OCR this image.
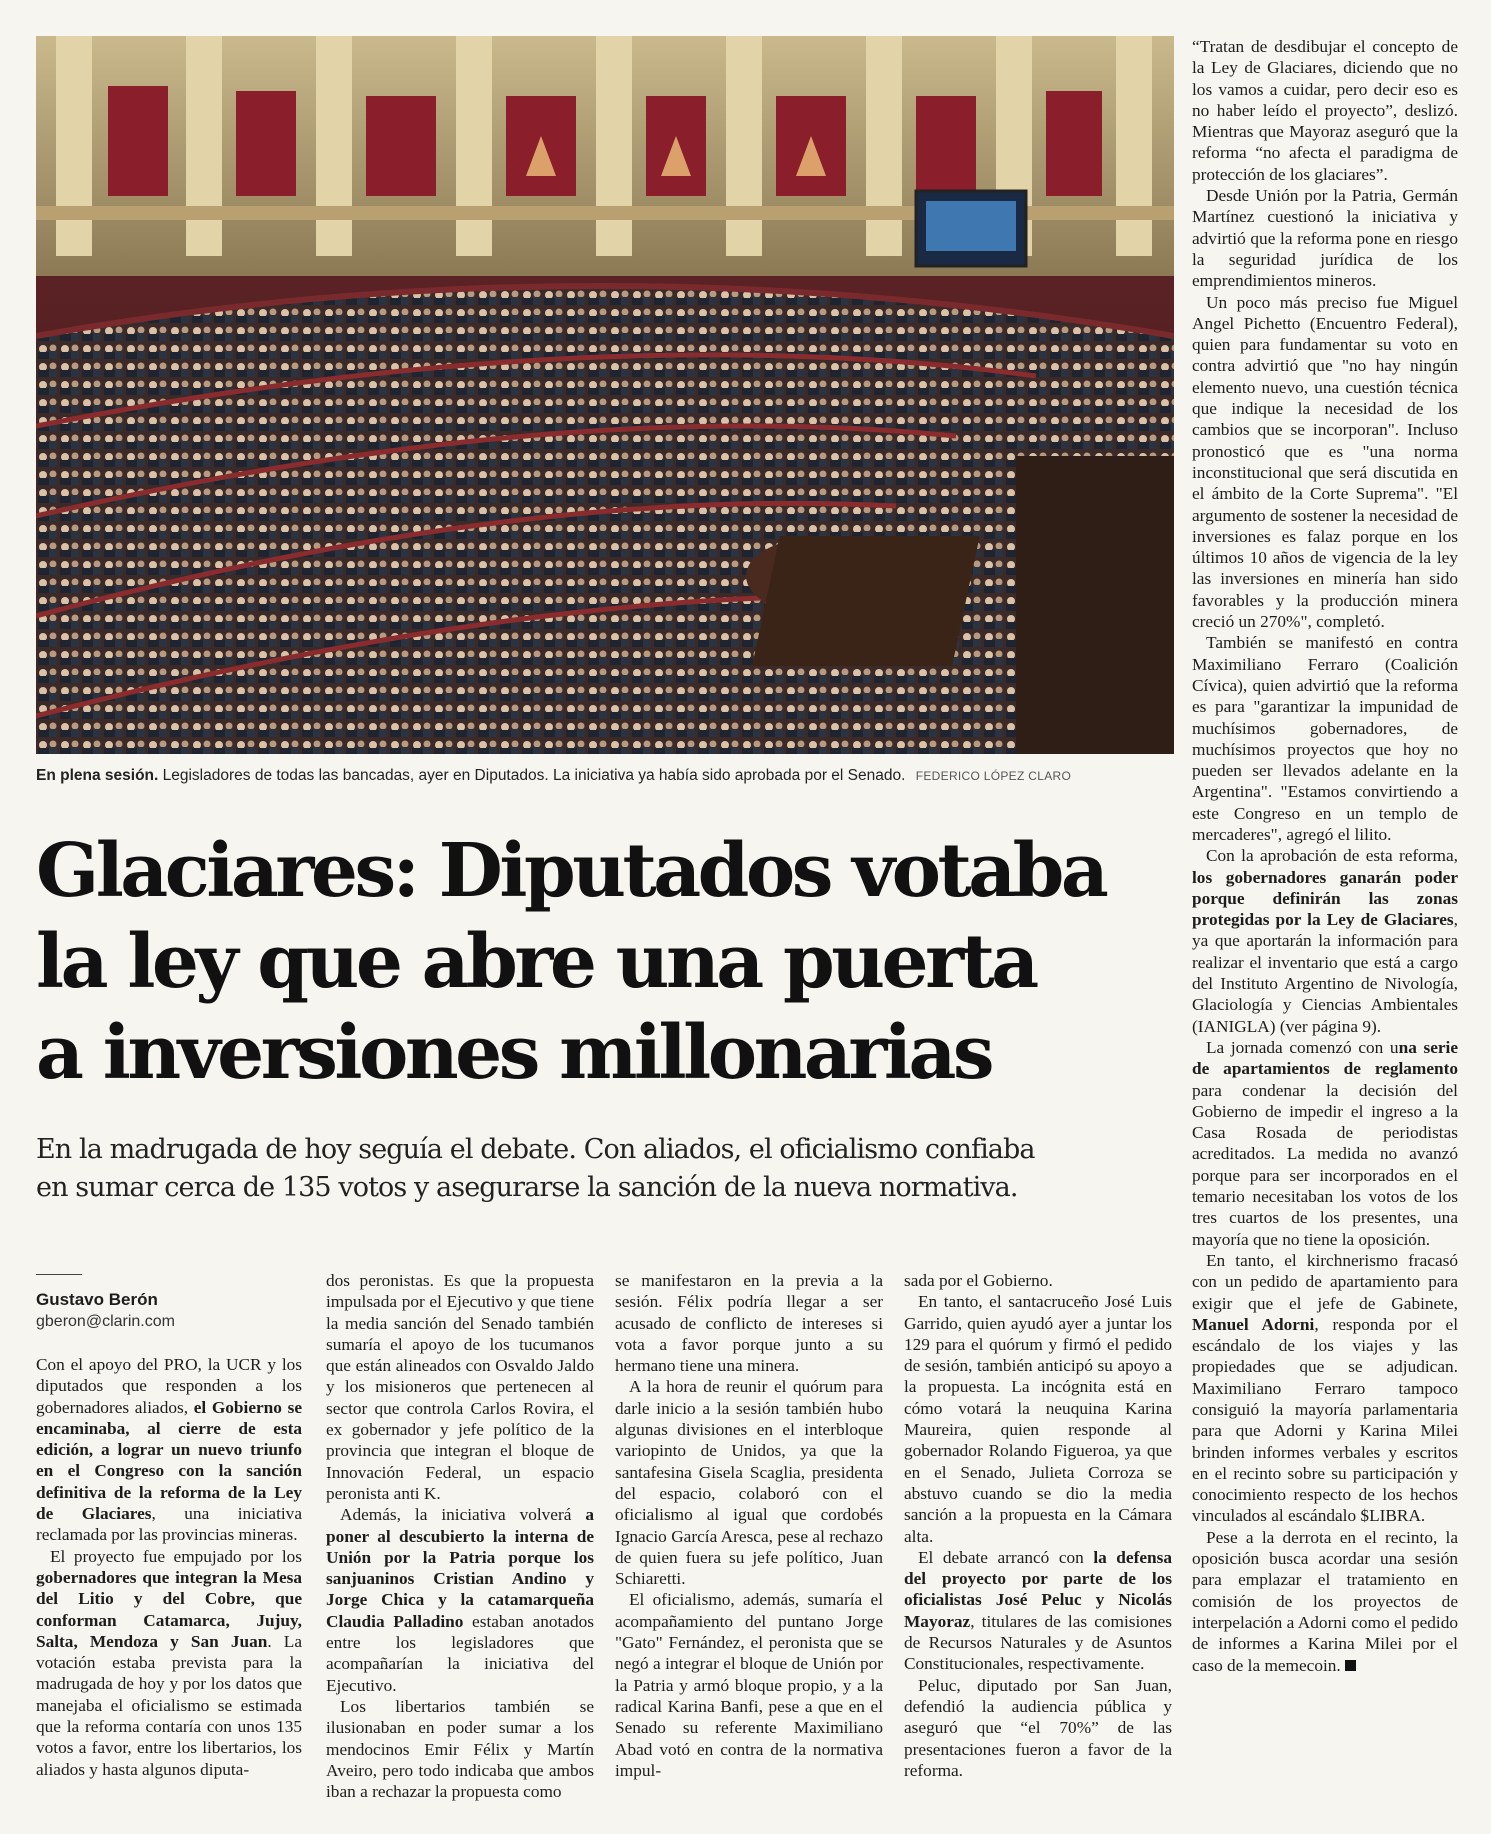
En plena sesión. Legisladores de todas las bancadas, ayer en Diputados. La iniciativa ya había sido aprobada por el Senado. FEDERICO LÓPEZ CLARO
Glaciares: Diputados votaba
la ley que abre una puerta
a inversiones millonarias

En la madrugada de hoy seguía el debate. Con aliados, el oficialismo confiaba
en sumar cerca de 135 votos y asegurarse la sanción de la nueva normativa.

Gustavo Berón
gberon@clarin.com

Con el apoyo del PRO, la UCR y los diputados que responden a los gobernadores aliados, el Gobierno se encaminaba, al cierre de esta edición, a lograr un nuevo triunfo en el Congreso con la sanción definitiva de la reforma de la Ley de Glaciares, una iniciativa reclamada por las provincias mineras.

El proyecto fue empujado por los gobernadores que integran la Mesa del Litio y del Cobre, que conforman Catamarca, Jujuy, Salta, Mendoza y San Juan. La votación estaba prevista para la madrugada de hoy y por los datos que manejaba el oficialismo se estimada que la reforma contaría con unos 135 votos a favor, entre los libertarios, los aliados y hasta algunos diputa-

dos peronistas. Es que la propuesta impulsada por el Ejecutivo y que tiene la media sanción del Senado también sumaría el apoyo de los tucumanos que están alineados con Osvaldo Jaldo y los misioneros que pertenecen al sector que controla Carlos Rovira, el ex gobernador y jefe político de la provincia que integran el bloque de Innovación Federal, un espacio peronista anti K.

Además, la iniciativa volverá a poner al descubierto la interna de Unión por la Patria porque los sanjuaninos Cristian Andino y Jorge Chica y la catamarqueña Claudia Palladino estaban anotados entre los legisladores que acompañarían la iniciativa del Ejecutivo.

Los libertarios también se ilusionaban en poder sumar a los mendocinos Emir Félix y Martín Aveiro, pero todo indicaba que ambos iban a rechazar la propuesta como

se manifestaron en la previa a la sesión. Félix podría llegar a ser acusado de conflicto de intereses si vota a favor porque junto a su hermano tiene una minera.

A la hora de reunir el quórum para darle inicio a la sesión también hubo algunas divisiones en el interbloque variopinto de Unidos, ya que la santafesina Gisela Scaglia, presidenta del espacio, colaboró con el oficialismo al igual que cordobés Ignacio García Aresca, pese al rechazo de quien fuera su jefe político, Juan Schiaretti.

El oficialismo, además, sumaría el acompañamiento del puntano Jorge "Gato" Fernández, el peronista que se negó a integrar el bloque de Unión por la Patria y armó bloque propio, y a la radical Karina Banfi, pese a que en el Senado su referente Maximiliano Abad votó en contra de la normativa impul-

sada por el Gobierno.

En tanto, el santacruceño José Luis Garrido, quien ayudó ayer a juntar los 129 para el quórum y firmó el pedido de sesión, también anticipó su apoyo a la propuesta. La incógnita está en cómo votará la neuquina Karina Maureira, quien responde al gobernador Rolando Figueroa, ya que en el Senado, Julieta Corroza se abstuvo cuando se dio la media sanción a la propuesta en la Cámara alta.

El debate arrancó con la defensa del proyecto por parte de los oficialistas José Peluc y Nicolás Mayoraz, titulares de las comisiones de Recursos Naturales y de Asuntos Constitucionales, respectivamente.

Peluc, diputado por San Juan, defendió la audiencia pública y aseguró que “el 70%” de las presentaciones fueron a favor de la reforma.

“Tratan de desdibujar el concepto de la Ley de Glaciares, diciendo que no los vamos a cuidar, pero decir eso es no haber leído el proyecto”, deslizó. Mientras que Mayoraz aseguró que la reforma “no afecta el paradigma de protección de los glaciares”.

Desde Unión por la Patria, Germán Martínez cuestionó la iniciativa y advirtió que la reforma pone en riesgo la seguridad jurídica de los emprendimientos mineros.

Un poco más preciso fue Miguel Angel Pichetto (Encuentro Federal), quien para fundamentar su voto en contra advirtió que "no hay ningún elemento nuevo, una cuestión técnica que indique la necesidad de los cambios que se incorporan". Incluso pronosticó que es "una norma inconstitucional que será discutida en el ámbito de la Corte Suprema". "El argumento de sostener la necesidad de inversiones es falaz porque en los últimos 10 años de vigencia de la ley las inversiones en minería han sido favorables y la producción minera creció un 270%", completó.

También se manifestó en contra Maximiliano Ferraro (Coalición Cívica), quien advirtió que la reforma es para "garantizar la impunidad de muchísimos gobernadores, de muchísimos proyectos que hoy no pueden ser llevados adelante en la Argentina". "Estamos convirtiendo a este Congreso en un templo de mercaderes", agregó el lilito.

Con la aprobación de esta reforma, los gobernadores ganarán poder porque definirán las zonas protegidas por la Ley de Glaciares, ya que aportarán la información para realizar el inventario que está a cargo del Instituto Argentino de Nivología, Glaciología y Ciencias Ambientales (IANIGLA) (ver página 9).

La jornada comenzó con una serie de apartamientos de reglamento para condenar la decisión del Gobierno de impedir el ingreso a la Casa Rosada de periodistas acreditados. La medida no avanzó porque para ser incorporados en el temario necesitaban los votos de los tres cuartos de los presentes, una mayoría que no tiene la oposición.

En tanto, el kirchnerismo fracasó con un pedido de apartamiento para exigir que el jefe de Gabinete, Manuel Adorni, responda por el escándalo de los viajes y las propiedades que se adjudican. Maximiliano Ferraro tampoco consiguió la mayoría parlamentaria para que Adorni y Karina Milei brinden informes verbales y escritos en el recinto sobre su participación y conocimiento respecto de los hechos vinculados al escándalo $LIBRA.

Pese a la derrota en el recinto, la oposición busca acordar una sesión para emplazar el tratamiento en comisión de los proyectos de interpelación a Adorni como el pedido de informes a Karina Milei por el caso de la memecoin.
